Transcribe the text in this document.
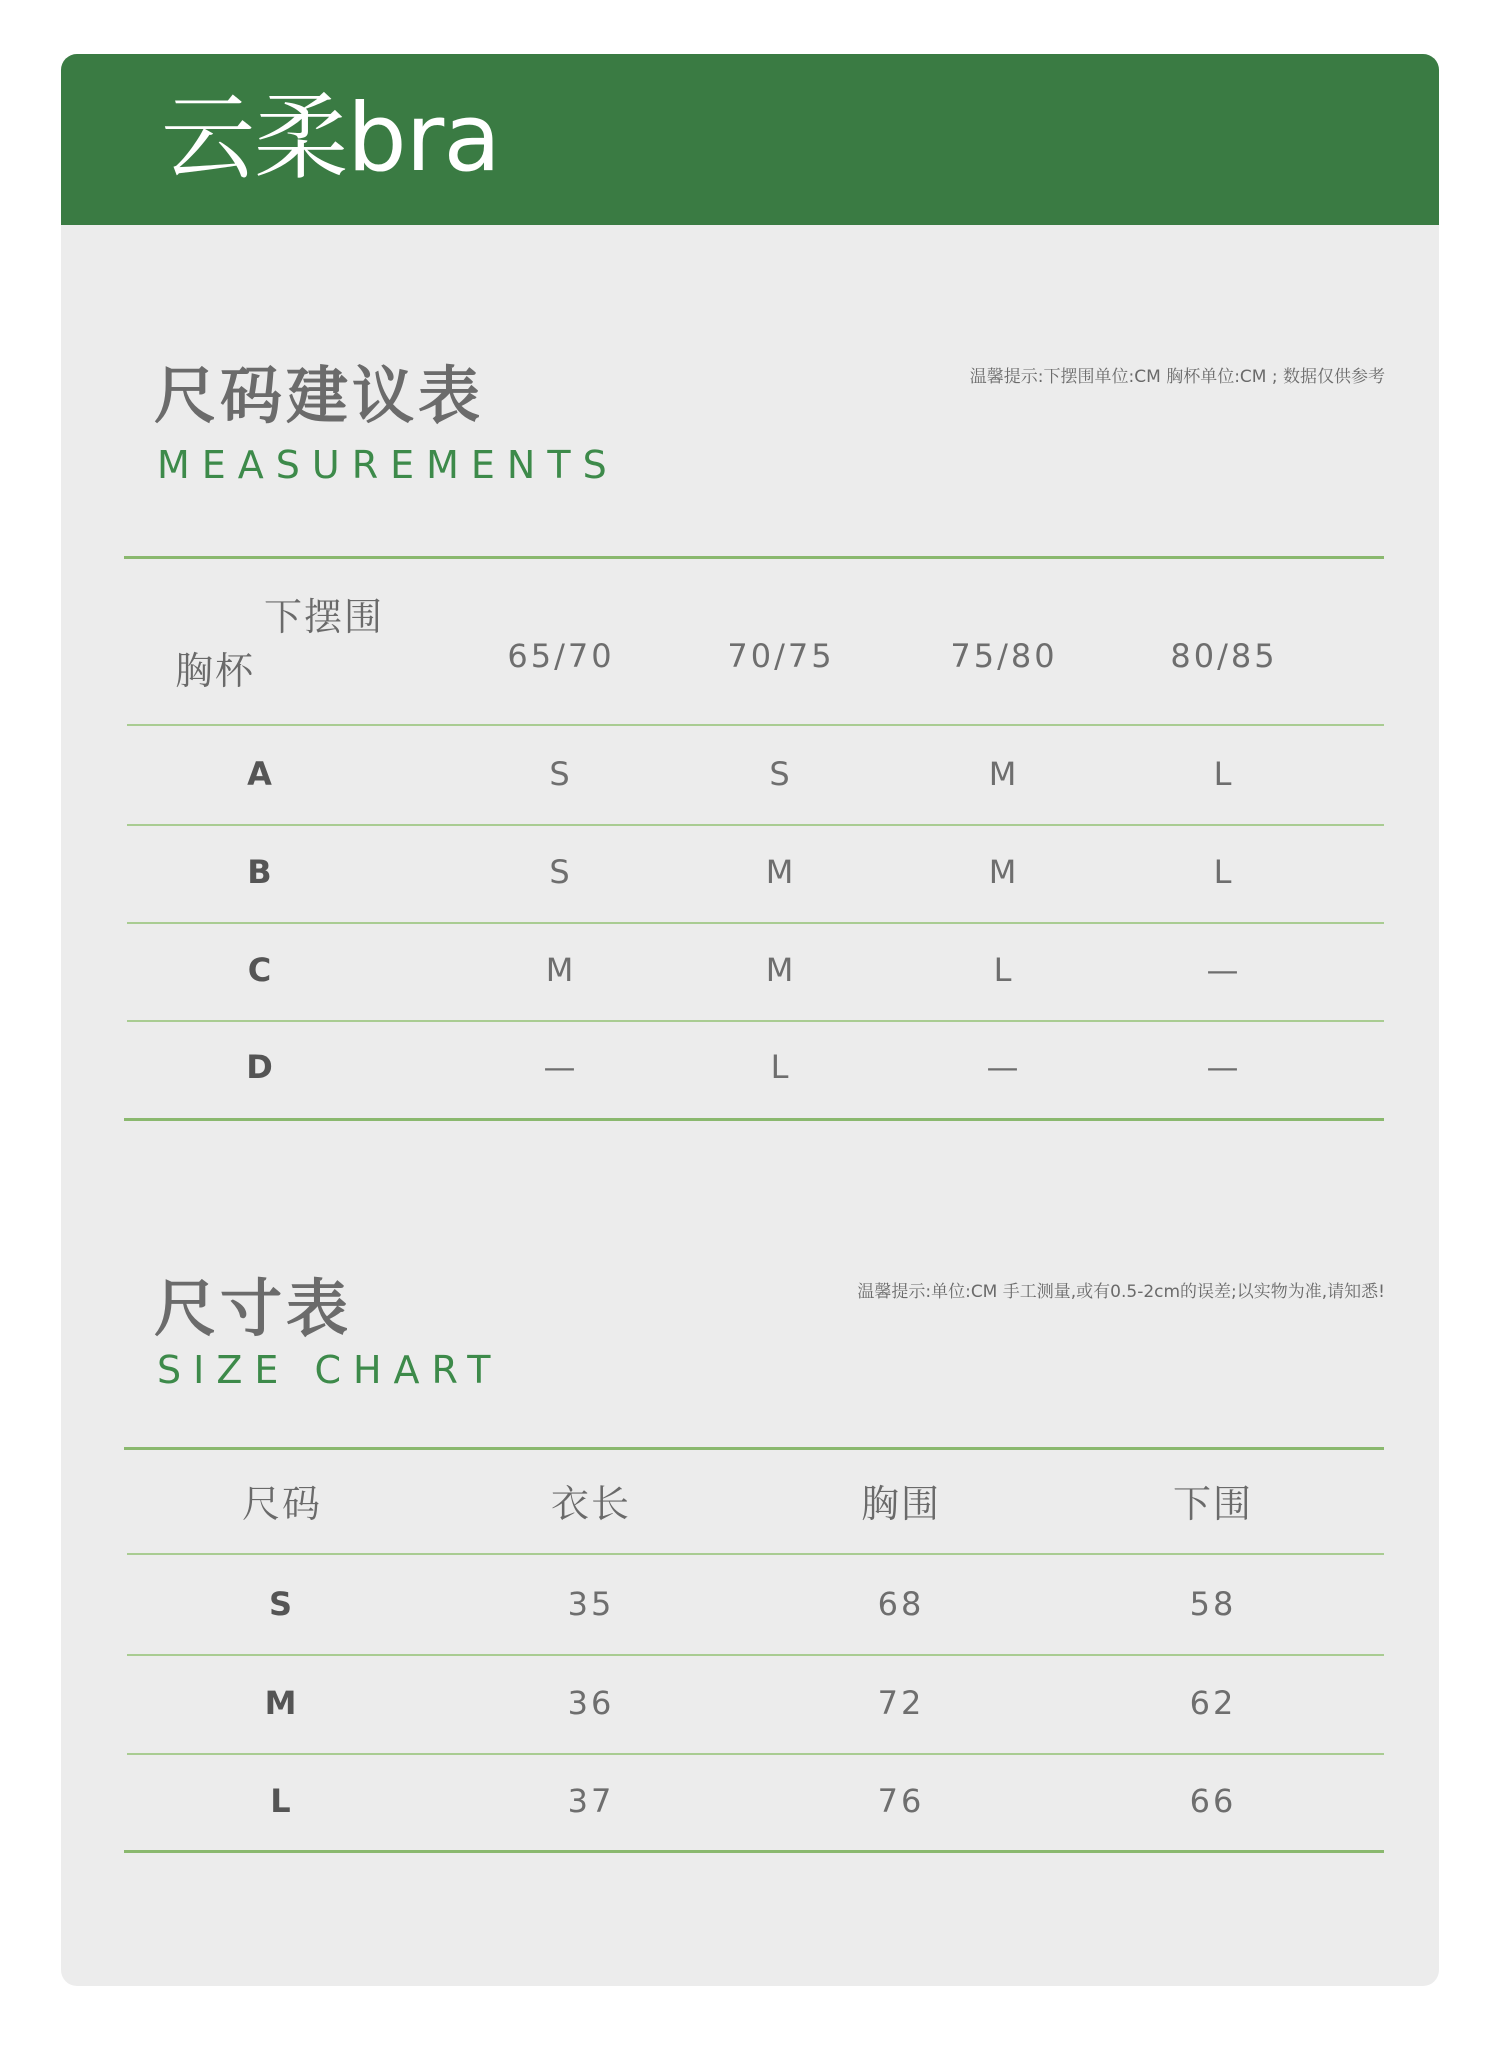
云柔bra
尺码建议表
MEASUREMENTS
温馨提示:下摆围单位:CM 胸杯单位:CM ; 数据仅供参考
下摆围
胸杯
尺寸表
SIZE CHART
温馨提示:单位:CM 手工测量,或有0.5-2cm的误差;以实物为准,请知悉!
65/70	70/75	75/80	80/85
A	S	S	M	L
B	S	M	M	L
C	M	M	L	—
D	—	L	—	—
尺码	衣长	胸围	下围
S	35	68	58
M	36	72	62
L	37	76	66
